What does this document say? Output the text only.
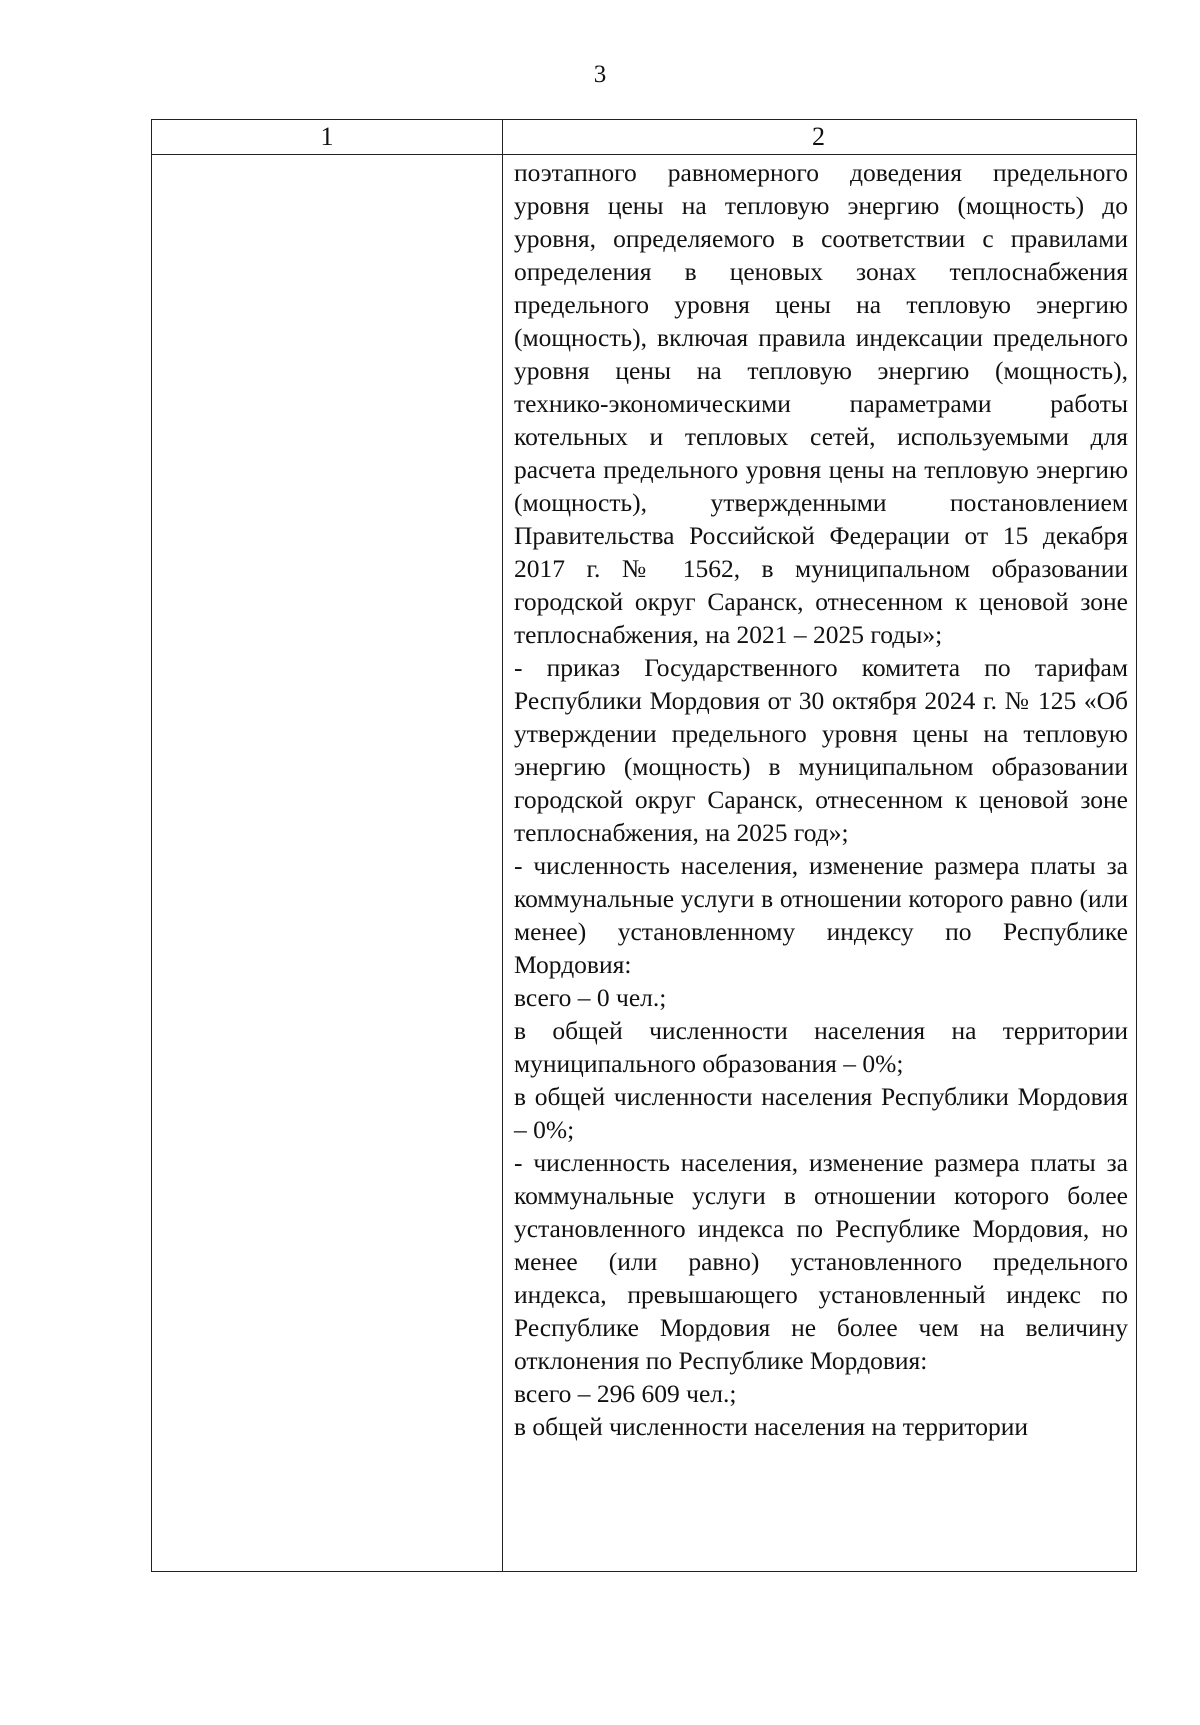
3
1	2

поэтапного равномерного доведения предельного уровня цены на тепловую энергию (мощность) до уровня, определяемого в соответствии с правилами определения в ценовых зонах теплоснабжения предельного уровня цены на тепловую энергию (мощность), включая правила индексации предельного уровня цены на тепловую энергию (мощность), технико-экономическими параметрами работы котельных и тепловых сетей, используемыми для расчета предельного уровня цены на тепловую энергию (мощность), утвержденными постановлением Правительства Российской Федерации от 15 декабря 2017 г. № 1562, в муниципальном образовании городской округ Саранск, отнесенном к ценовой зоне теплоснабжения, на 2021 – 2025 годы»;

- приказ Государственного комитета по тарифам Республики Мордовия от 30 октября 2024 г. № 125 «Об утверждении предельного уровня цены на тепловую энергию (мощность) в муниципальном образовании городской округ Саранск, отнесенном к ценовой зоне теплоснабжения, на 2025 год»;

- численность населения, изменение размера платы за коммунальные услуги в отношении которого равно (или менее) установленному индексу по Республике Мордовия:

всего – 0 чел.;

в общей численности населения на территории муниципального образования – 0%;

в общей численности населения Республики Мордовия – 0%;

- численность населения, изменение размера платы за коммунальные услуги в отношении которого более установленного индекса по Республике Мордовия, но менее (или равно) установленного предельного индекса, превышающего установленный индекс по Республике Мордовия не более чем на величину отклонения по Республике Мордовия:

всего – 296 609 чел.;

в общей численности населения на территории
